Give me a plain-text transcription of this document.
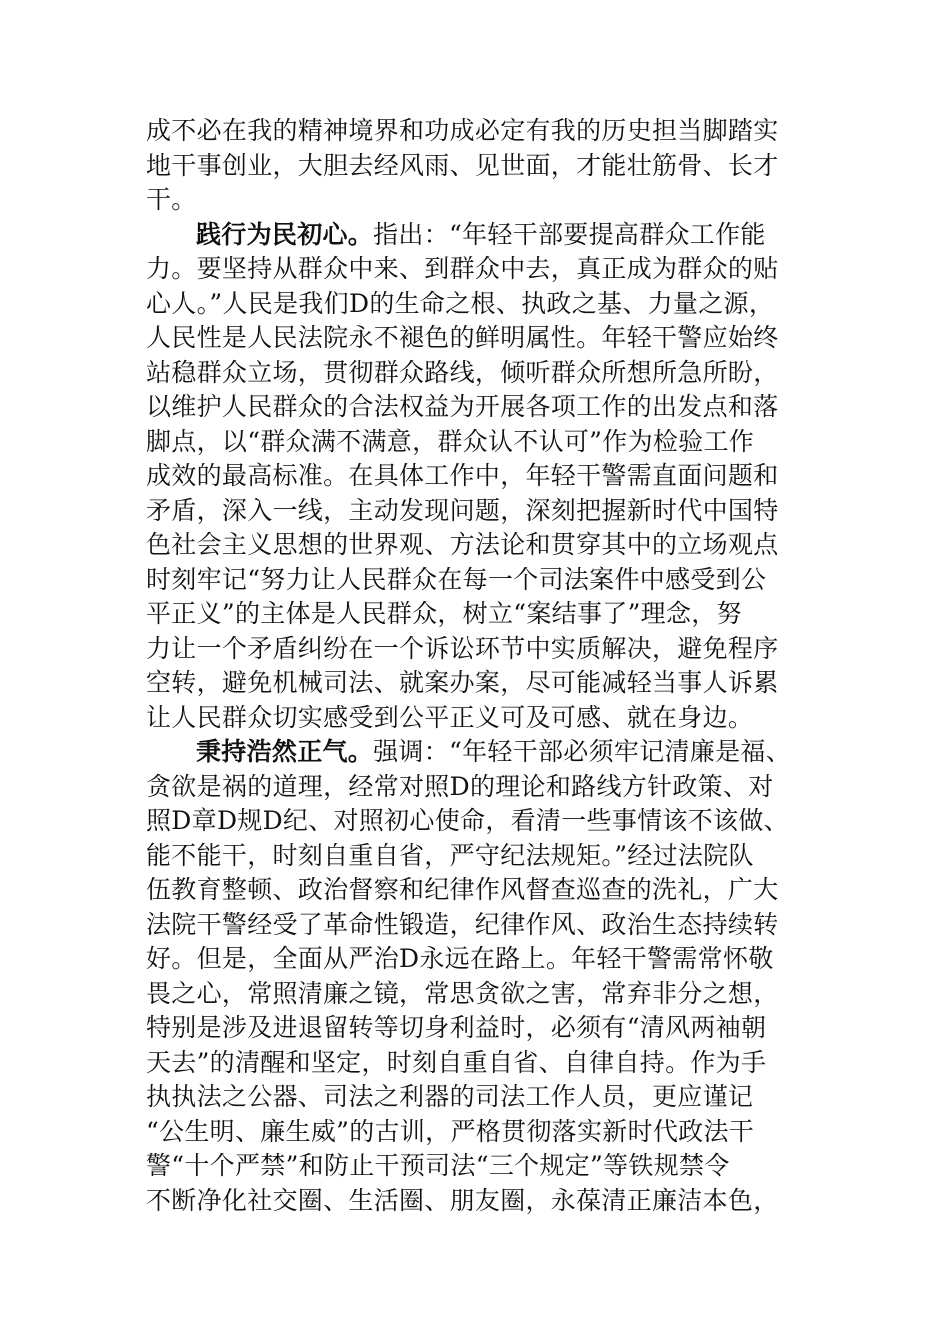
成不必在我的精神境界和功成必定有我的历史担当脚踏实
地干事创业，大胆去经风雨、见世面，才能壮筋骨、长才
干。
践行为民初心。指出：“年轻干部要提高群众工作能
力。要坚持从群众中来、到群众中去，真正成为群众的贴
心人。”人民是我们D的生命之根、执政之基、力量之源，
人民性是人民法院永不褪色的鲜明属性。年轻干警应始终
站稳群众立场，贯彻群众路线，倾听群众所想所急所盼，
以维护人民群众的合法权益为开展各项工作的出发点和落
脚点，以“群众满不满意，群众认不认可”作为检验工作
成效的最高标准。在具体工作中，年轻干警需直面问题和
矛盾，深入一线，主动发现问题，深刻把握新时代中国特
色社会主义思想的世界观、方法论和贯穿其中的立场观点
时刻牢记“努力让人民群众在每一个司法案件中感受到公
平正义”的主体是人民群众，树立“案结事了”理念，努
力让一个矛盾纠纷在一个诉讼环节中实质解决，避免程序
空转，避免机械司法、就案办案，尽可能减轻当事人诉累
让人民群众切实感受到公平正义可及可感、就在身边。
秉持浩然正气。强调：“年轻干部必须牢记清廉是福、
贪欲是祸的道理，经常对照D的理论和路线方针政策、对
照D章D规D纪、对照初心使命，看清一些事情该不该做、
能不能干，时刻自重自省，严守纪法规矩。”经过法院队
伍教育整顿、政治督察和纪律作风督查巡查的洗礼，广大
法院干警经受了革命性锻造，纪律作风、政治生态持续转
好。但是，全面从严治D永远在路上。年轻干警需常怀敬
畏之心，常照清廉之镜，常思贪欲之害，常弃非分之想，
特别是涉及进退留转等切身利益时，必须有“清风两袖朝
天去”的清醒和坚定，时刻自重自省、自律自持。作为手
执执法之公器、司法之利器的司法工作人员，更应谨记
“公生明、廉生威”的古训，严格贯彻落实新时代政法干
警“十个严禁”和防止干预司法“三个规定”等铁规禁令
不断净化社交圈、生活圈、朋友圈，永葆清正廉洁本色，
